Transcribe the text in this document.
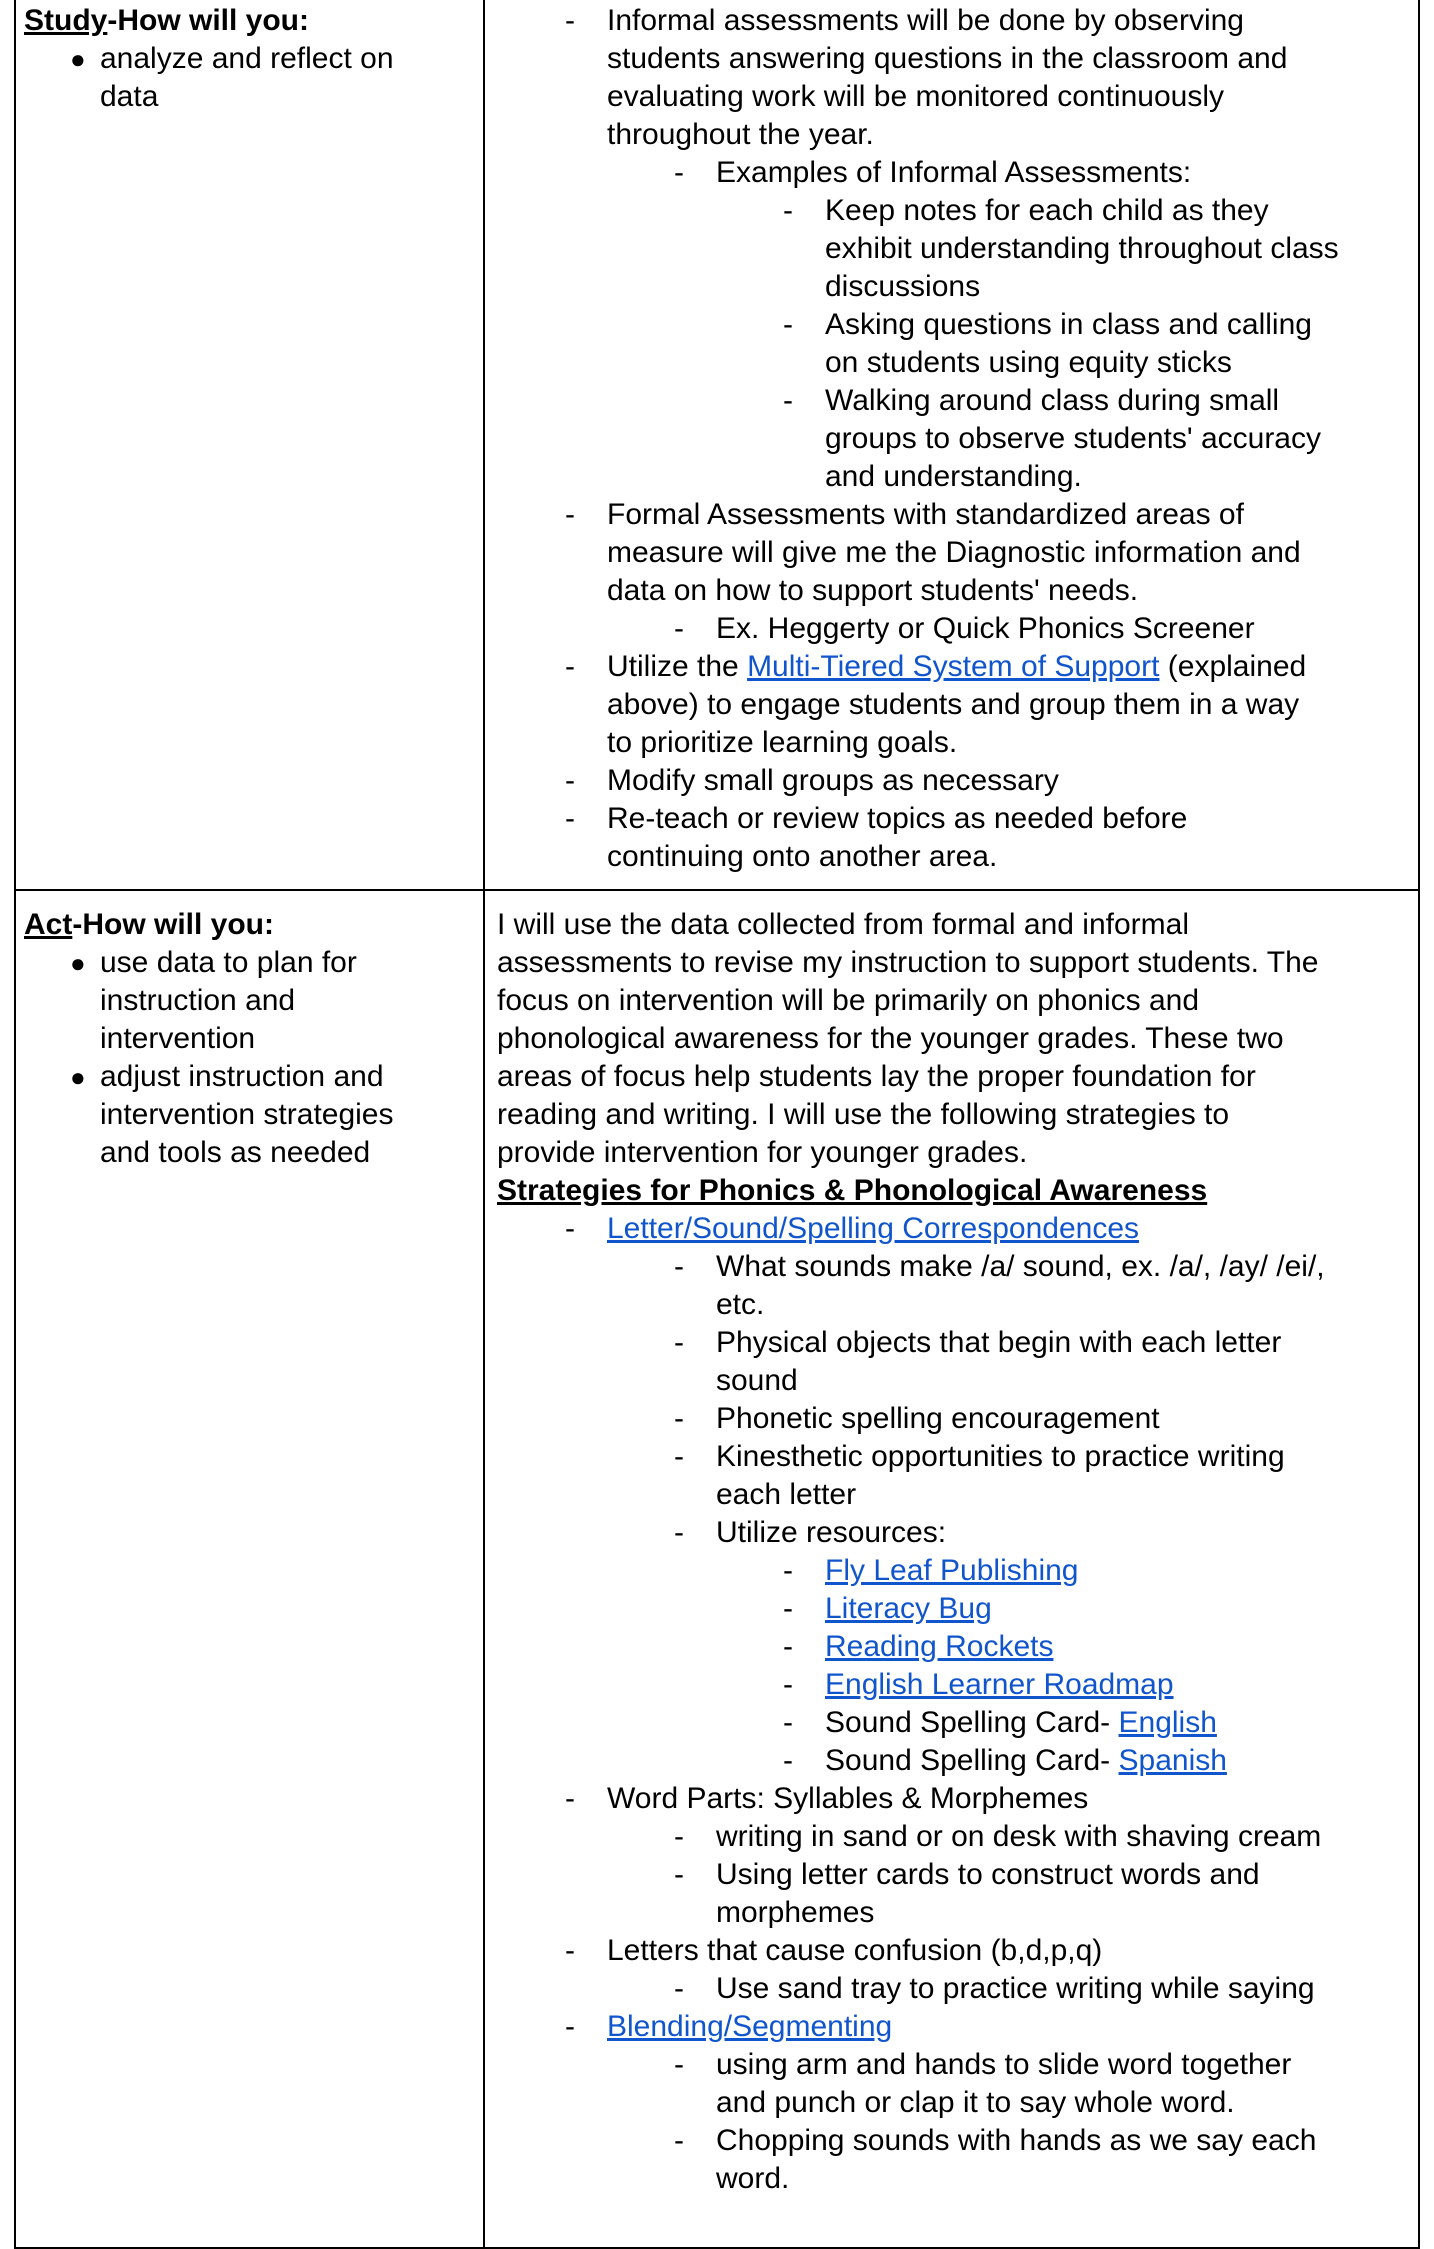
Study-How will you:
● analyze and reflect on
data
- Informal assessments will be done by observing
students answering questions in the classroom and
evaluating work will be monitored continuously
throughout the year.
- Examples of Informal Assessments:
- Keep notes for each child as they
exhibit understanding throughout class
discussions
- Asking questions in class and calling
on students using equity sticks
- Walking around class during small
groups to observe students' accuracy
and understanding.
- Formal Assessments with standardized areas of
measure will give me the Diagnostic information and
data on how to support students' needs.
- Ex. Heggerty or Quick Phonics Screener
- Utilize the Multi-Tiered System of Support (explained
above) to engage students and group them in a way
to prioritize learning goals.
- Modify small groups as necessary
- Re-teach or review topics as needed before
continuing onto another area.
Act-How will you:
● use data to plan for
instruction and
intervention
● adjust instruction and
intervention strategies
and tools as needed
I will use the data collected from formal and informal
assessments to revise my instruction to support students. The
focus on intervention will be primarily on phonics and
phonological awareness for the younger grades. These two
areas of focus help students lay the proper foundation for
reading and writing. I will use the following strategies to
provide intervention for younger grades.
Strategies for Phonics & Phonological Awareness
- Letter/Sound/Spelling Correspondences
- What sounds make /a/ sound, ex. /a/, /ay/ /ei/,
etc.
- Physical objects that begin with each letter
sound
- Phonetic spelling encouragement
- Kinesthetic opportunities to practice writing
each letter
- Utilize resources:
- Fly Leaf Publishing
- Literacy Bug
- Reading Rockets
- English Learner Roadmap
- Sound Spelling Card- English
- Sound Spelling Card- Spanish
- Word Parts: Syllables & Morphemes
- writing in sand or on desk with shaving cream
- Using letter cards to construct words and
morphemes
- Letters that cause confusion (b,d,p,q)
- Use sand tray to practice writing while saying
- Blending/Segmenting
- using arm and hands to slide word together
and punch or clap it to say whole word.
- Chopping sounds with hands as we say each
word.
